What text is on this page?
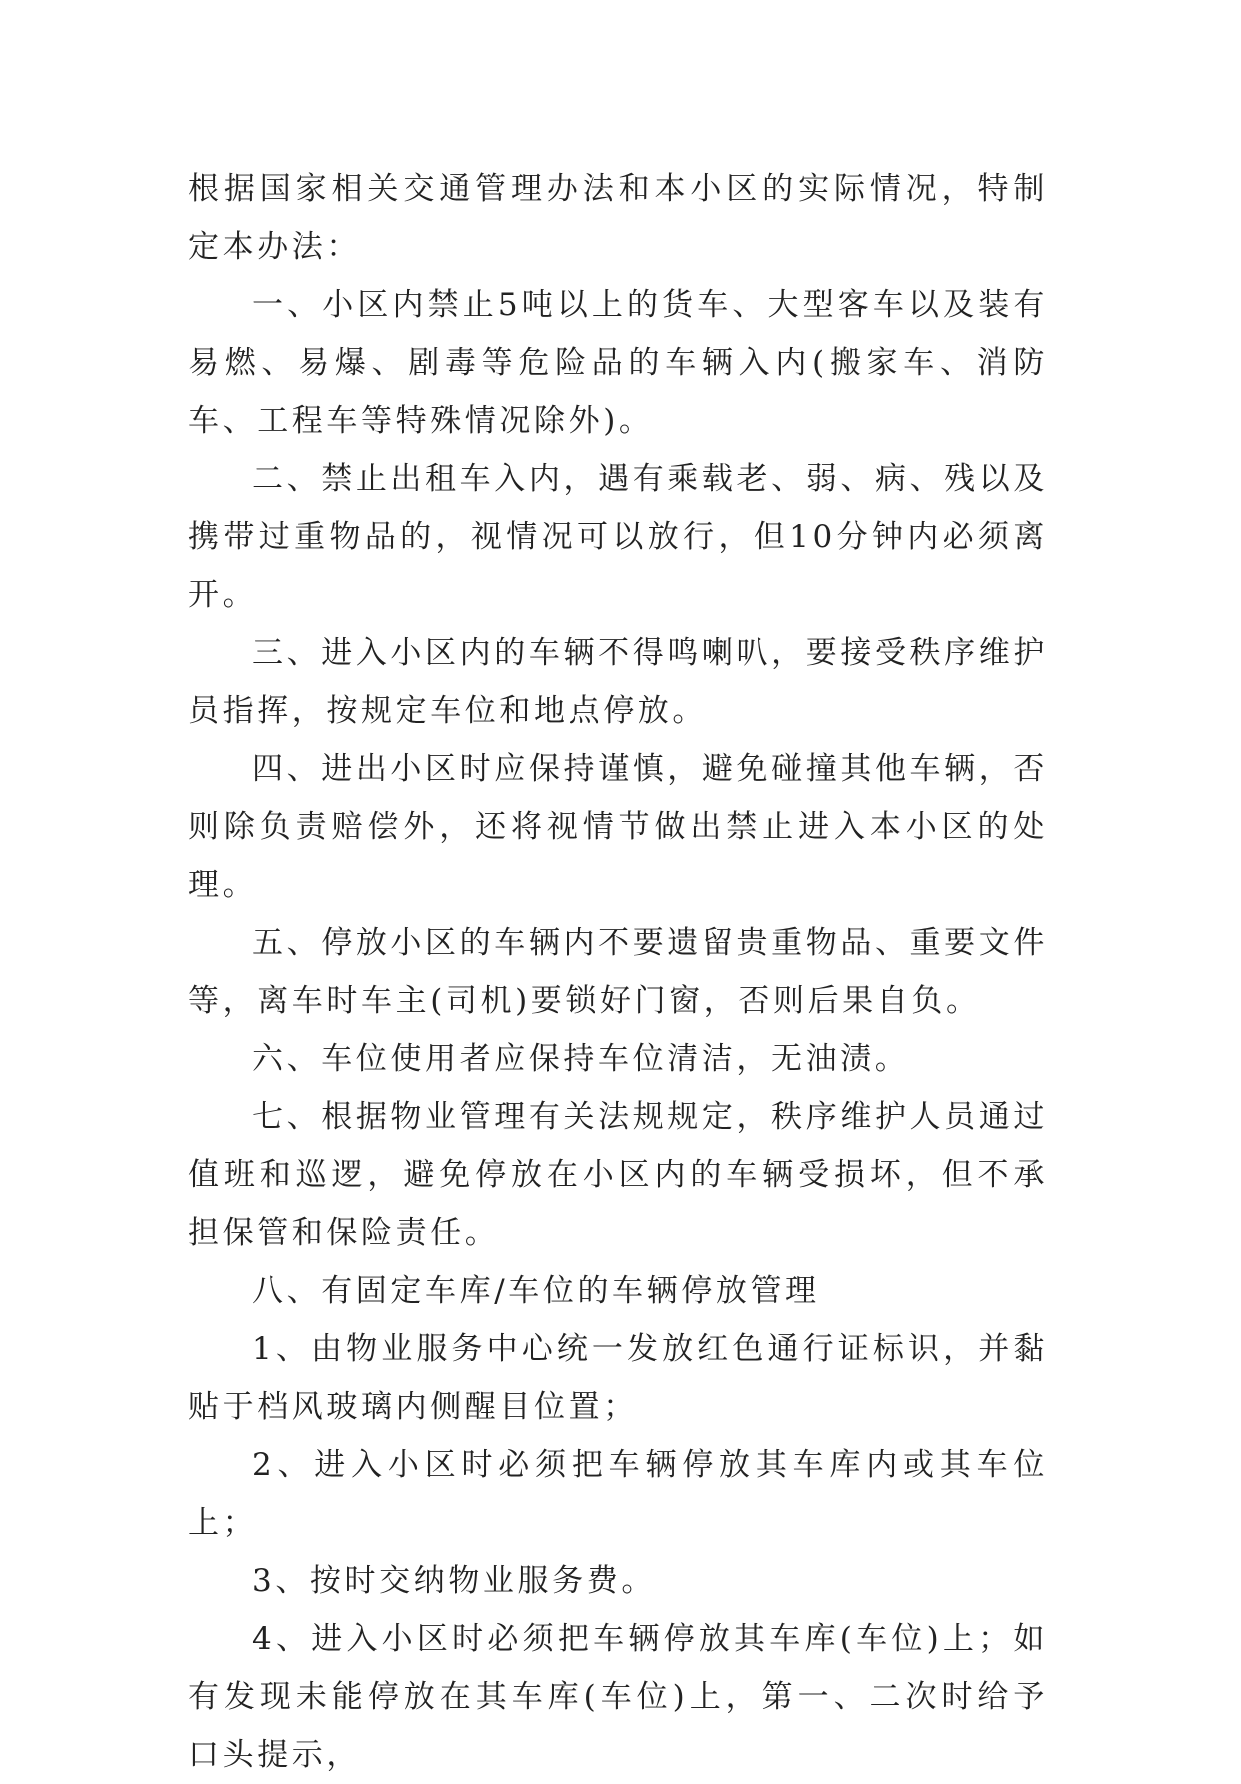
根据国家相关交通管理办法和本小区的实际情况，特制定本办法：

一、小区内禁止5吨以上的货车、大型客车以及装有易燃、易爆、剧毒等危险品的车辆入内(搬家车、消防车、工程车等特殊情况除外)。

二、禁止出租车入内，遇有乘载老、弱、病、残以及携带过重物品的，视情况可以放行，但10分钟内必须离开。

三、进入小区内的车辆不得鸣喇叭，要接受秩序维护员指挥，按规定车位和地点停放。

四、进出小区时应保持谨慎，避免碰撞其他车辆，否则除负责赔偿外，还将视情节做出禁止进入本小区的处理。

五、停放小区的车辆内不要遗留贵重物品、重要文件等，离车时车主(司机)要锁好门窗，否则后果自负。

六、车位使用者应保持车位清洁，无油渍。

七、根据物业管理有关法规规定，秩序维护人员通过值班和巡逻，避免停放在小区内的车辆受损坏，但不承担保管和保险责任。

八、有固定车库/车位的车辆停放管理

1、由物业服务中心统一发放红色通行证标识，并黏贴于档风玻璃内侧醒目位置；

2、进入小区时必须把车辆停放其车库内或其车位上；

3、按时交纳物业服务费。

4、进入小区时必须把车辆停放其车库(车位)上；如有发现未能停放在其车库(车位)上，第一、二次时给予口头提示，
